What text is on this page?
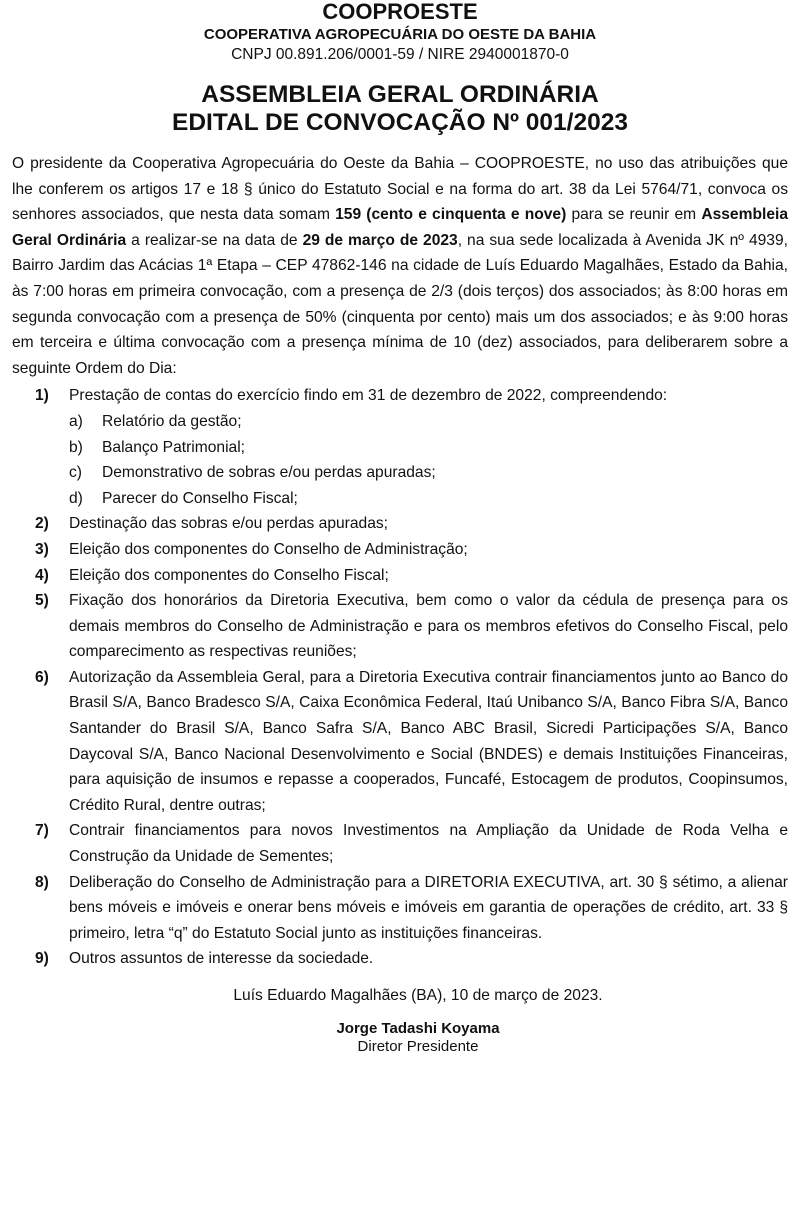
COOPROESTE
COOPERATIVA AGROPECUÁRIA DO OESTE DA BAHIA
CNPJ 00.891.206/0001-59 / NIRE 2940001870-0
ASSEMBLEIA GERAL ORDINÁRIA
EDITAL DE CONVOCAÇÃO Nº 001/2023

O presidente da Cooperativa Agropecuária do Oeste da Bahia – COOPROESTE, no uso das atribuições que lhe conferem os artigos 17 e 18 § único do Estatuto Social e na forma do art. 38 da Lei 5764/71, convoca os senhores associados, que nesta data somam 159 (cento e cinquenta e nove) para se reunir em Assembleia Geral Ordinária a realizar-se na data de 29 de março de 2023, na sua sede localizada à Avenida JK nº 4939, Bairro Jardim das Acácias 1ª Etapa – CEP 47862-146 na cidade de Luís Eduardo Magalhães, Estado da Bahia, às 7:00 horas em primeira convocação, com a presença de 2/3 (dois terços) dos associados; às 8:00 horas em segunda convocação com a presença de 50% (cinquenta por cento) mais um dos associados; e às 9:00 horas em terceira e última convocação com a presença mínima de 10 (dez) associados, para deliberarem sobre a seguinte Ordem do Dia:

1) Prestação de contas do exercício findo em 31 de dezembro de 2022, compreendendo:
a) Relatório da gestão;
b) Balanço Patrimonial;
c) Demonstrativo de sobras e/ou perdas apuradas;
d) Parecer do Conselho Fiscal;
2) Destinação das sobras e/ou perdas apuradas;
3) Eleição dos componentes do Conselho de Administração;
4) Eleição dos componentes do Conselho Fiscal;
5) Fixação dos honorários da Diretoria Executiva, bem como o valor da cédula de presença para os demais membros do Conselho de Administração e para os membros efetivos do Conselho Fiscal, pelo comparecimento as respectivas reuniões;
6) Autorização da Assembleia Geral, para a Diretoria Executiva contrair financiamentos junto ao Banco do Brasil S/A, Banco Bradesco S/A, Caixa Econômica Federal, Itaú Unibanco S/A, Banco Fibra S/A, Banco Santander do Brasil S/A, Banco Safra S/A, Banco ABC Brasil, Sicredi Participações S/A, Banco Daycoval S/A, Banco Nacional Desenvolvimento e Social (BNDES) e demais Instituições Financeiras, para aquisição de insumos e repasse a cooperados, Funcafé, Estocagem de produtos, Coopinsumos, Crédito Rural, dentre outras;
7) Contrair financiamentos para novos Investimentos na Ampliação da Unidade de Roda Velha e Construção da Unidade de Sementes;
8) Deliberação do Conselho de Administração para a DIRETORIA EXECUTIVA, art. 30 § sétimo, a alienar bens móveis e imóveis e onerar bens móveis e imóveis em garantia de operações de crédito, art. 33 § primeiro, letra “q” do Estatuto Social junto as instituições financeiras.
9) Outros assuntos de interesse da sociedade.
Luís Eduardo Magalhães (BA), 10 de março de 2023.
Jorge Tadashi Koyama
Diretor Presidente
